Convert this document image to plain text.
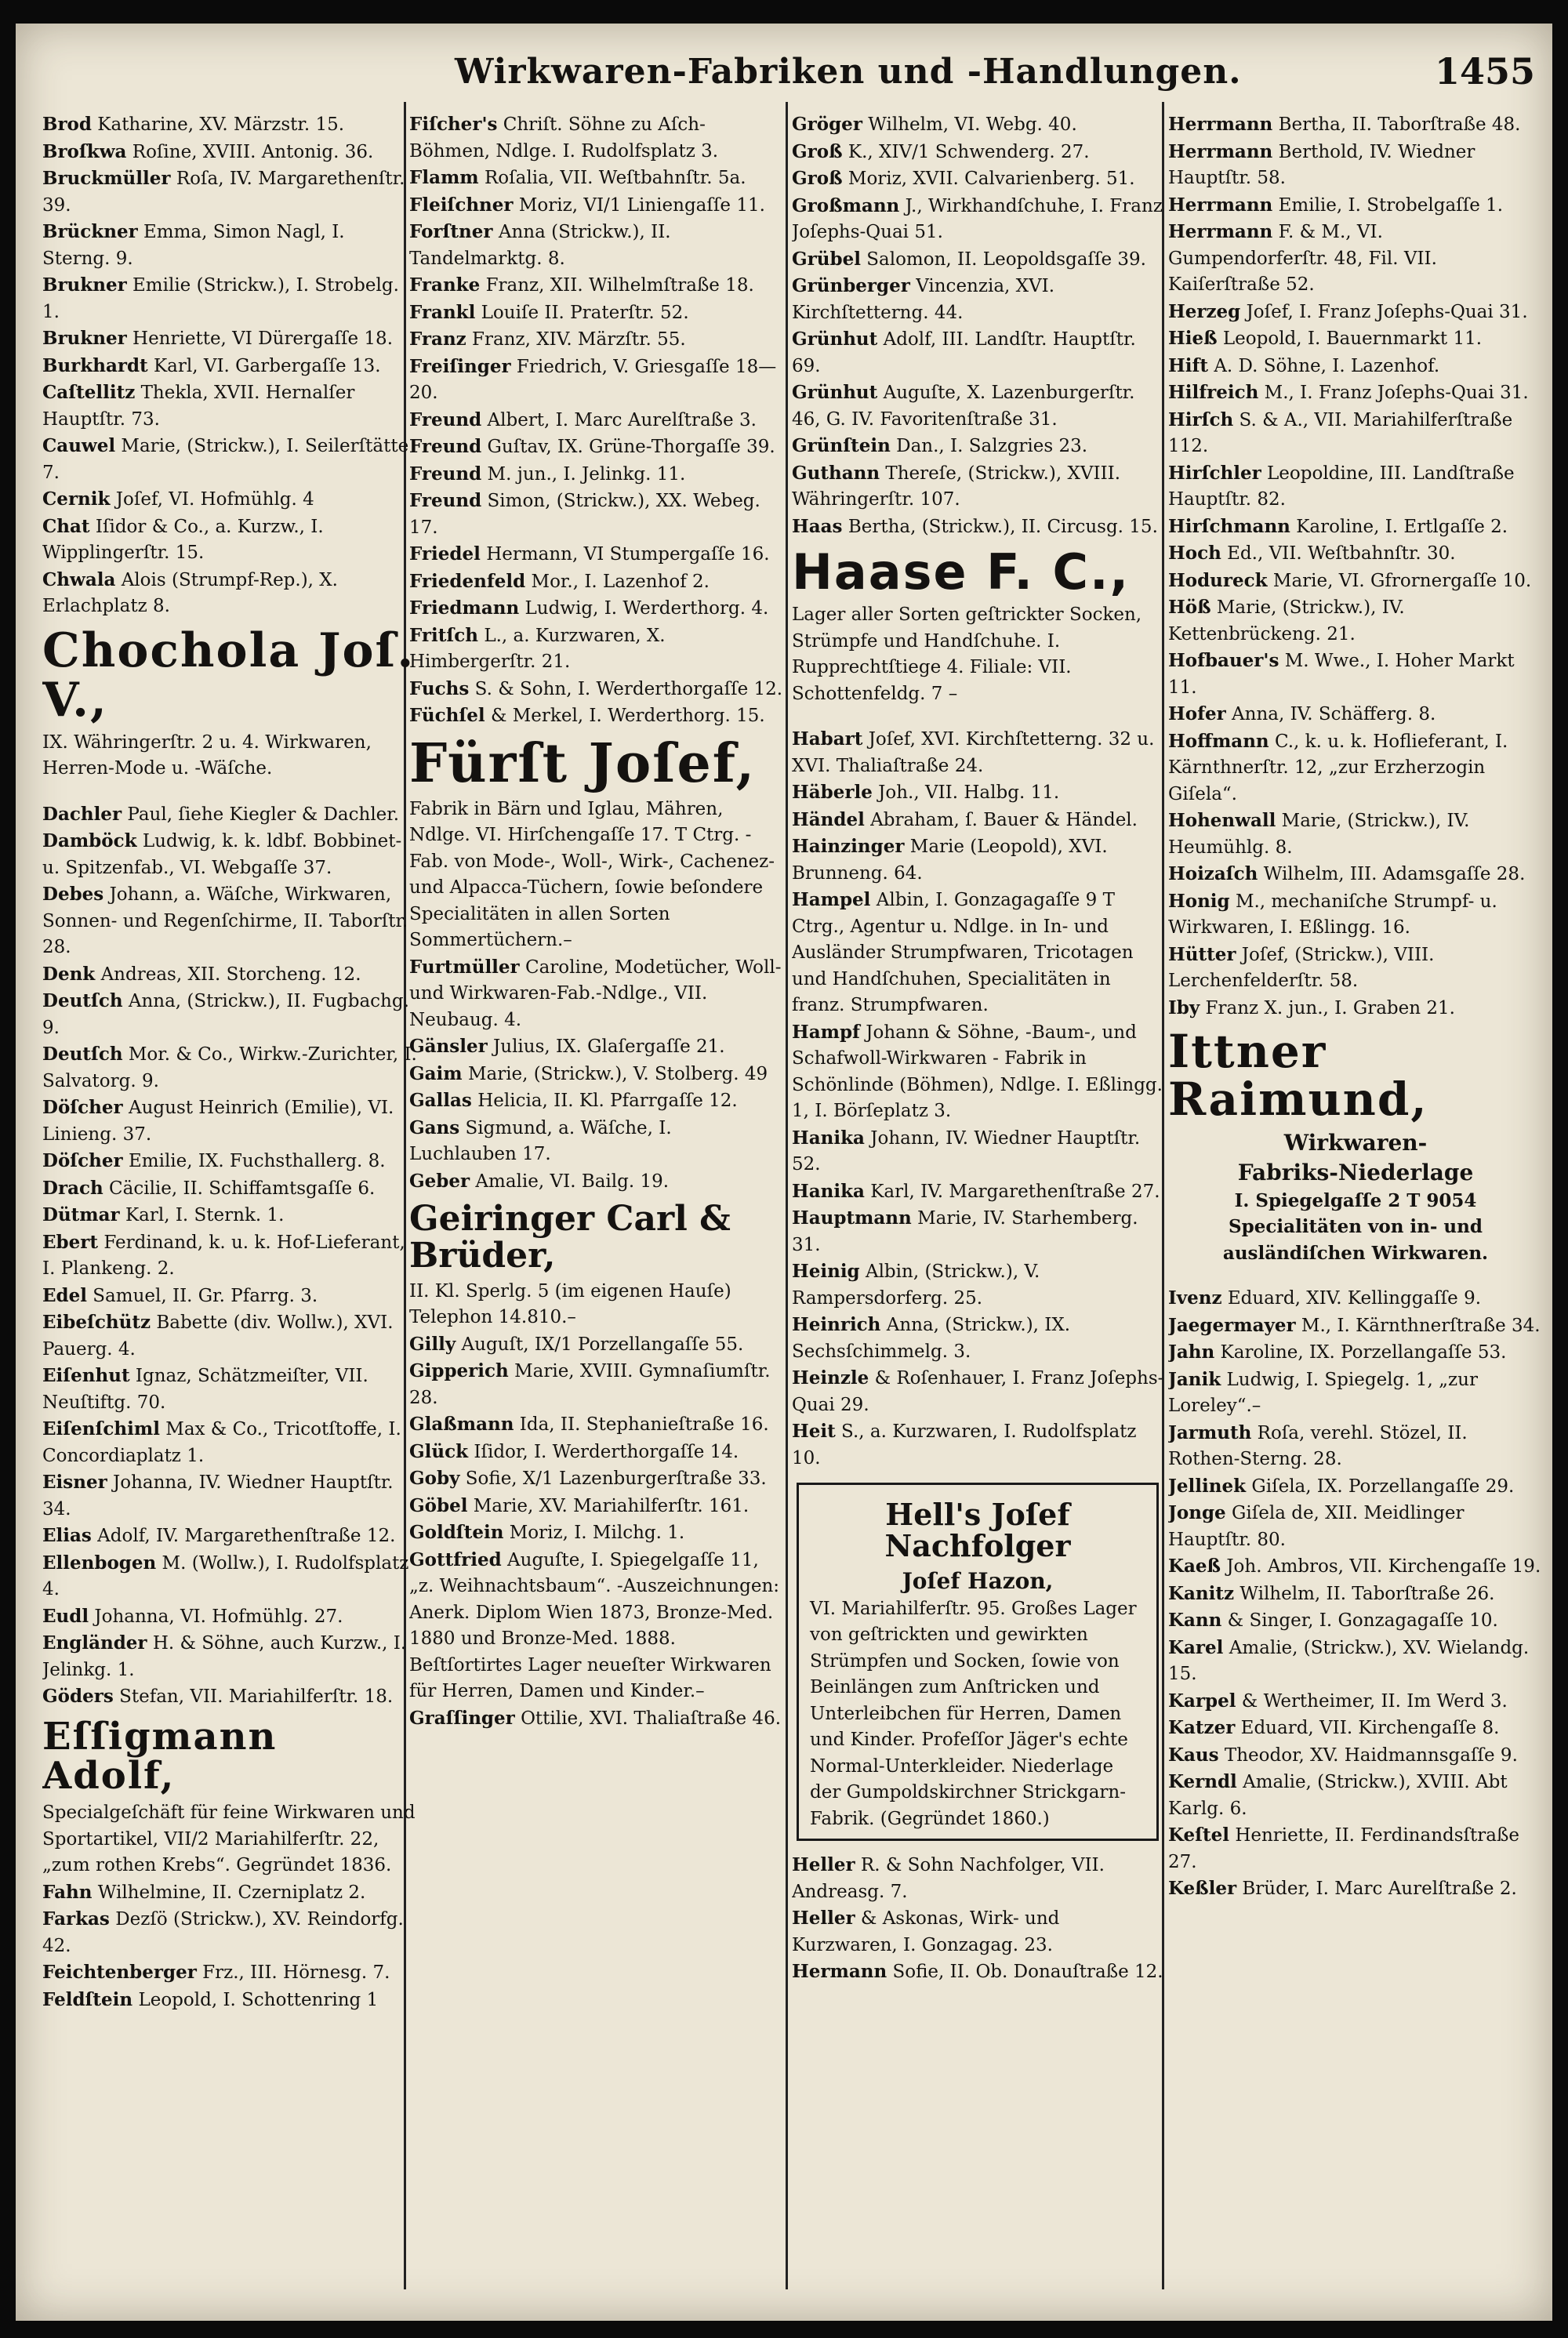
Wirkwaren-Fabriken und -Handlungen.	1455
Brod Katharine, XV. Märzstr. 15.
Broſkwa Roſine, XVIII. Antonig. 36.
Bruckmüller Roſa, IV. Margarethenſtr. 39.
Brückner Emma, Simon Nagl, I. Sterng. 9.
Brukner Emilie (Strickw.), I. Strobelg. 1.
Brukner Henriette, VI Dürergaſſe 18.
Burkhardt Karl, VI. Garbergaſſe 13.
Caſtellitz Thekla, XVII. Hernalſer Hauptſtr. 73.
Cauwel Marie, (Strickw.), I. Seilerſtätte 7.
Cernik Joſef, VI. Hofmühlg. 4
Chat Iſidor & Co., a. Kurzw., I. Wipplingerſtr. 15.
Chwala Alois (Strumpf-Rep.), X. Erlachplatz 8.
Chochola Joſ. V.,
IX. Währingerſtr. 2 u. 4. Wirkwaren, Herren-Mode u. -Wäſche.
Dachler Paul, ſiehe Kiegler & Dachler.
Damböck Ludwig, k. k. ldbf. Bobbinet- u. Spitzenfab., VI. Webgaſſe 37.
Debes Johann, a. Wäſche, Wirkwaren, Sonnen- und Regenſchirme, II. Taborſtr. 28.
Denk Andreas, XII. Storcheng. 12.
Deutſch Anna, (Strickw.), II. Fugbachg. 9.
Deutſch Mor. & Co., Wirkw.-Zurichter, I. Salvatorg. 9.
Döſcher August Heinrich (Emilie), VI. Linieng. 37.
Döſcher Emilie, IX. Fuchsthallerg. 8.
Drach Cäcilie, II. Schiffamtsgaſſe 6.
Dütmar Karl, I. Sternk. 1.
Ebert Ferdinand, k. u. k. Hof-Lieferant, I. Plankeng. 2.
Edel Samuel, II. Gr. Pfarrg. 3.
Eibeſchütz Babette (div. Wollw.), XVI. Pauerg. 4.
Eiſenhut Ignaz, Schätzmeiſter, VII. Neuſtiftg. 70.
Eiſenſchiml Max & Co., Tricotſtoffe, I. Concordiaplatz 1.
Eisner Johanna, IV. Wiedner Hauptſtr. 34.
Elias Adolf, IV. Margarethenſtraße 12.
Ellenbogen M. (Wollw.), I. Rudolfsplatz 4.
Eudl Johanna, VI. Hofmühlg. 27.
Engländer H. & Söhne, auch Kurzw., I. Jelinkg. 1.
Göders Stefan, VII. Mariahilferſtr. 18.
Eſſigmann Adolf,
Specialgeſchäft für feine Wirkwaren und Sportartikel, VII/2 Mariahilferſtr. 22, „zum rothen Krebs“. Gegründet 1836.
Fahn Wilhelmine, II. Czerniplatz 2.
Farkas Dezſö (Strickw.), XV. Reindorfg. 42.
Feichtenberger Frz., III. Hörnesg. 7.
Feldſtein Leopold, I. Schottenring 1
Fiſcher's Chriſt. Söhne zu Aſch-Böhmen, Ndlge. I. Rudolfsplatz 3.
Flamm Roſalia, VII. Weſtbahnſtr. 5a.
Fleiſchner Moriz, VI/1 Liniengaſſe 11.
Forſtner Anna (Strickw.), II. Tandelmarktg. 8.
Franke Franz, XII. Wilhelmſtraße 18.
Frankl Louiſe II. Praterſtr. 52.
Franz Franz, XIV. Märzſtr. 55.
Freiſinger Friedrich, V. Griesgaſſe 18—20.
Freund Albert, I. Marc Aurelſtraße 3.
Freund Guſtav, IX. Grüne-Thorgaſſe 39.
Freund M. jun., I. Jelinkg. 11.
Freund Simon, (Strickw.), XX. Webeg. 17.
Friedel Hermann, VI Stumpergaſſe 16.
Friedenfeld Mor., I. Lazenhof 2.
Friedmann Ludwig, I. Werderthorg. 4.
Fritſch L., a. Kurzwaren, X. Himbergerſtr. 21.
Fuchs S. & Sohn, I. Werderthorgaſſe 12.
Füchſel & Merkel, I. Werderthorg. 15.
Fürſt Joſef,
Fabrik in Bärn und Iglau, Mähren, Ndlge. VI. Hirſchengaſſe 17. T Ctrg. -Fab. von Mode-, Woll-, Wirk-, Cachenez- und Alpacca-Tüchern, ſowie beſondere Specialitäten in allen Sorten Sommertüchern.–
Furtmüller Caroline, Modetücher, Woll- und Wirkwaren-Fab.-Ndlge., VII. Neubaug. 4.
Gänsler Julius, IX. Glaſergaſſe 21.
Gaim Marie, (Strickw.), V. Stolberg. 49
Gallas Helicia, II. Kl. Pfarrgaſſe 12.
Gans Sigmund, a. Wäſche, I. Luchlauben 17.
Geber Amalie, VI. Bailg. 19.
Geiringer Carl & Brüder,
II. Kl. Sperlg. 5 (im eigenen Hauſe) Telephon 14.810.–
Gilly Auguſt, IX/1 Porzellangaſſe 55.
Gipperich Marie, XVIII. Gymnaſiumſtr. 28.
Glaßmann Ida, II. Stephanieſtraße 16.
Glück Iſidor, I. Werderthorgaſſe 14.
Goby Sofie, X/1 Lazenburgerſtraße 33.
Göbel Marie, XV. Mariahilferſtr. 161.
Goldſtein Moriz, I. Milchg. 1.
Gottfried Auguſte, I. Spiegelgaſſe 11, „z. Weihnachtsbaum“. -Auszeichnungen: Anerk. Diplom Wien 1873, Bronze-Med. 1880 und Bronze-Med. 1888. Beſtſortirtes Lager neueſter Wirkwaren für Herren, Damen und Kinder.–
Graſſinger Ottilie, XVI. Thaliaſtraße 46.
Gröger Wilhelm, VI. Webg. 40.
Groß K., XIV/1 Schwenderg. 27.
Groß Moriz, XVII. Calvarienberg. 51.
Großmann J., Wirkhandſchuhe, I. Franz Joſephs-Quai 51.
Grübel Salomon, II. Leopoldsgaſſe 39.
Grünberger Vincenzia, XVI. Kirchſtetterng. 44.
Grünhut Adolf, III. Landſtr. Hauptſtr. 69.
Grünhut Auguſte, X. Lazenburgerſtr. 46, G. IV. Favoritenſtraße 31.
Grünſtein Dan., I. Salzgries 23.
Guthann Thereſe, (Strickw.), XVIII. Währingerſtr. 107.
Haas Bertha, (Strickw.), II. Circusg. 15.
Haase F. C.,
Lager aller Sorten geſtrickter Socken, Strümpfe und Handſchuhe. I. Rupprechtſtiege 4. Filiale: VII. Schottenfeldg. 7 –
Habart Joſef, XVI. Kirchſtetterng. 32 u. XVI. Thaliaſtraße 24.
Häberle Joh., VII. Halbg. 11.
Händel Abraham, ſ. Bauer & Händel.
Hainzinger Marie (Leopold), XVI. Brunneng. 64.
Hampel Albin, I. Gonzagagaſſe 9 T Ctrg., Agentur u. Ndlge. in In- und Ausländer Strumpfwaren, Tricotagen und Handſchuhen, Specialitäten in franz. Strumpfwaren.
Hampf Johann & Söhne, -Baum-, und Schafwoll-Wirkwaren - Fabrik in Schönlinde (Böhmen), Ndlge. I. Eßlingg. 1, I. Börſeplatz 3.
Hanika Johann, IV. Wiedner Hauptſtr. 52.
Hanika Karl, IV. Margarethenſtraße 27.
Hauptmann Marie, IV. Starhemberg. 31.
Heinig Albin, (Strickw.), V. Rampersdorferg. 25.
Heinrich Anna, (Strickw.), IX. Sechsſchimmelg. 3.
Heinzle & Roſenhauer, I. Franz Joſephs-Quai 29.
Heit S., a. Kurzwaren, I. Rudolfsplatz 10.
Hell's Joſef Nachfolger
Joſef Hazon,
VI. Mariahilferſtr. 95. Großes Lager von geſtrickten und gewirkten Strümpfen und Socken, ſowie von Beinlängen zum Anſtricken und Unterleibchen für Herren, Damen und Kinder. Profeſſor Jäger's echte Normal-Unterkleider. Niederlage der Gumpoldskirchner Strickgarn-Fabrik. (Gegründet 1860.)
Heller R. & Sohn Nachfolger, VII. Andreasg. 7.
Heller & Askonas, Wirk- und Kurzwaren, I. Gonzagag. 23.
Hermann Sofie, II. Ob. Donauſtraße 12.
Herrmann Bertha, II. Taborſtraße 48.
Herrmann Berthold, IV. Wiedner Hauptſtr. 58.
Herrmann Emilie, I. Strobelgaſſe 1.
Herrmann F. & M., VI. Gumpendorferſtr. 48, Fil. VII. Kaiſerſtraße 52.
Herzeg Joſef, I. Franz Joſephs-Quai 31.
Hieß Leopold, I. Bauernmarkt 11.
Hift A. D. Söhne, I. Lazenhof.
Hilfreich M., I. Franz Joſephs-Quai 31.
Hirſch S. & A., VII. Mariahilferſtraße 112.
Hirſchler Leopoldine, III. Landſtraße Hauptſtr. 82.
Hirſchmann Karoline, I. Ertlgaſſe 2.
Hoch Ed., VII. Weſtbahnſtr. 30.
Hodureck Marie, VI. Gfrornergaſſe 10.
Höß Marie, (Strickw.), IV. Kettenbrückeng. 21.
Hofbauer's M. Wwe., I. Hoher Markt 11.
Hofer Anna, IV. Schäfferg. 8.
Hoffmann C., k. u. k. Hoflieferant, I. Kärnthnerſtr. 12, „zur Erzherzogin Giſela“.
Hohenwall Marie, (Strickw.), IV. Heumühlg. 8.
Hoizaſch Wilhelm, III. Adamsgaſſe 28.
Honig M., mechaniſche Strumpf- u. Wirkwaren, I. Eßlingg. 16.
Hütter Joſef, (Strickw.), VIII. Lerchenfelderſtr. 58.
Iby Franz X. jun., I. Graben 21.
Ittner Raimund,
Wirkwaren-
Fabriks-Niederlage
I. Spiegelgaſſe 2 T 9054 Specialitäten von in- und ausländiſchen Wirkwaren.
Ivenz Eduard, XIV. Kellinggaſſe 9.
Jaegermayer M., I. Kärnthnerſtraße 34.
Jahn Karoline, IX. Porzellangaſſe 53.
Janik Ludwig, I. Spiegelg. 1, „zur Loreley“.–
Jarmuth Roſa, verehl. Stözel, II. Rothen-Sterng. 28.
Jellinek Giſela, IX. Porzellangaſſe 29.
Jonge Giſela de, XII. Meidlinger Hauptſtr. 80.
Kaeß Joh. Ambros, VII. Kirchengaſſe 19.
Kanitz Wilhelm, II. Taborſtraße 26.
Kann & Singer, I. Gonzagagaſſe 10.
Karel Amalie, (Strickw.), XV. Wielandg. 15.
Karpel & Wertheimer, II. Im Werd 3.
Katzer Eduard, VII. Kirchengaſſe 8.
Kaus Theodor, XV. Haidmannsgaſſe 9.
Kerndl Amalie, (Strickw.), XVIII. Abt Karlg. 6.
Keſtel Henriette, II. Ferdinandsſtraße 27.
Keßler Brüder, I. Marc Aurelſtraße 2.
